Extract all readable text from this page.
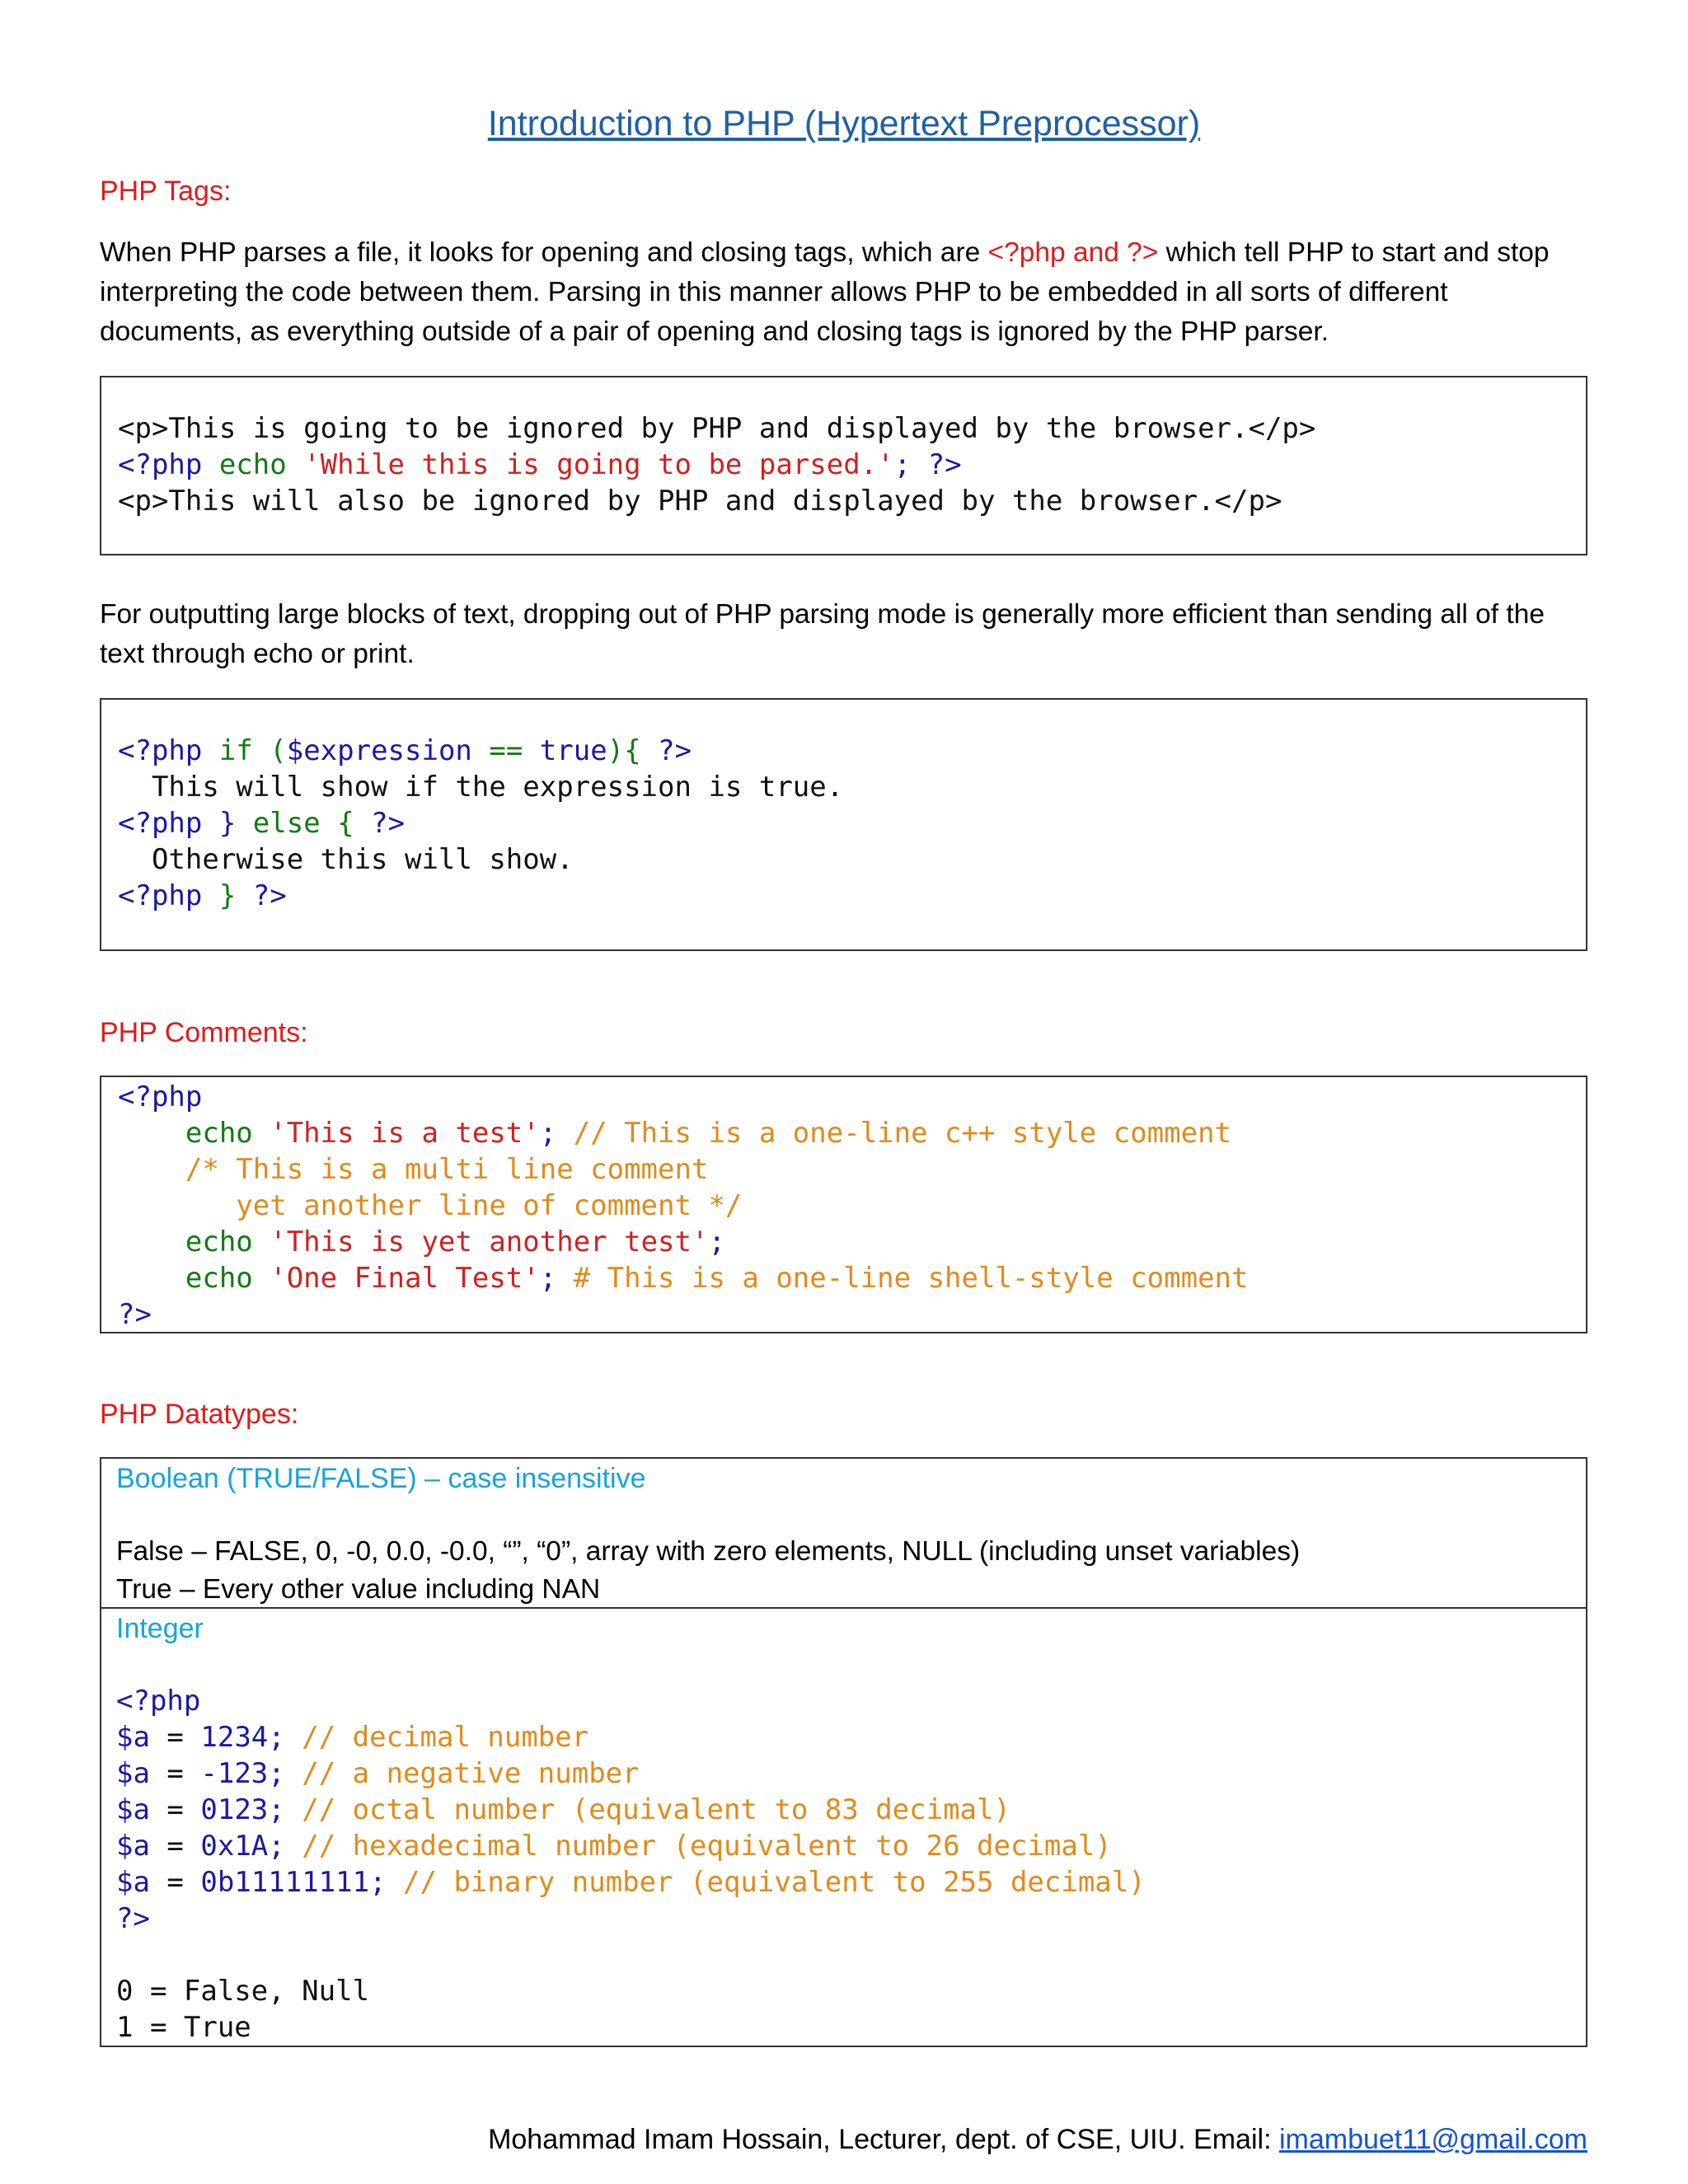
Introduction to PHP (Hypertext Preprocessor)
PHP Tags:

When PHP parses a file, it looks for opening and closing tags, which are <?php and ?> which tell PHP to start and stop interpreting the code between them. Parsing in this manner allows PHP to be embedded in all sorts of different documents, as everything outside of a pair of opening and closing tags is ignored by the PHP parser.

<p>This is going to be ignored by PHP and displayed by the browser.</p>
<?php echo 'While this is going to be parsed.'; ?>
<p>This will also be ignored by PHP and displayed by the browser.</p>

For outputting large blocks of text, dropping out of PHP parsing mode is generally more efficient than sending all of the text through echo or print.

<?php if ($expression == true){ ?>
This will show if the expression is true.
<?php } else { ?>
Otherwise this will show.
<?php } ?>
PHP Comments:
<?php
echo 'This is a test'; // This is a one-line c++ style comment
/* This is a multi line comment
yet another line of comment */
echo 'This is yet another test';
echo 'One Final Test'; # This is a one-line shell-style comment
?>
PHP Datatypes:
Boolean (TRUE/FALSE) – case insensitive
False – FALSE, 0, -0, 0.0, -0.0, “”, “0”, array with zero elements, NULL (including unset variables)
True – Every other value including NAN
Integer
<?php
$a = 1234; // decimal number
$a = -123; // a negative number
$a = 0123; // octal number (equivalent to 83 decimal)
$a = 0x1A; // hexadecimal number (equivalent to 26 decimal)
$a = 0b11111111; // binary number (equivalent to 255 decimal)
?>

0 = False, Null
1 = True
Mohammad Imam Hossain, Lecturer, dept. of CSE, UIU. Email: imambuet11@gmail.com
